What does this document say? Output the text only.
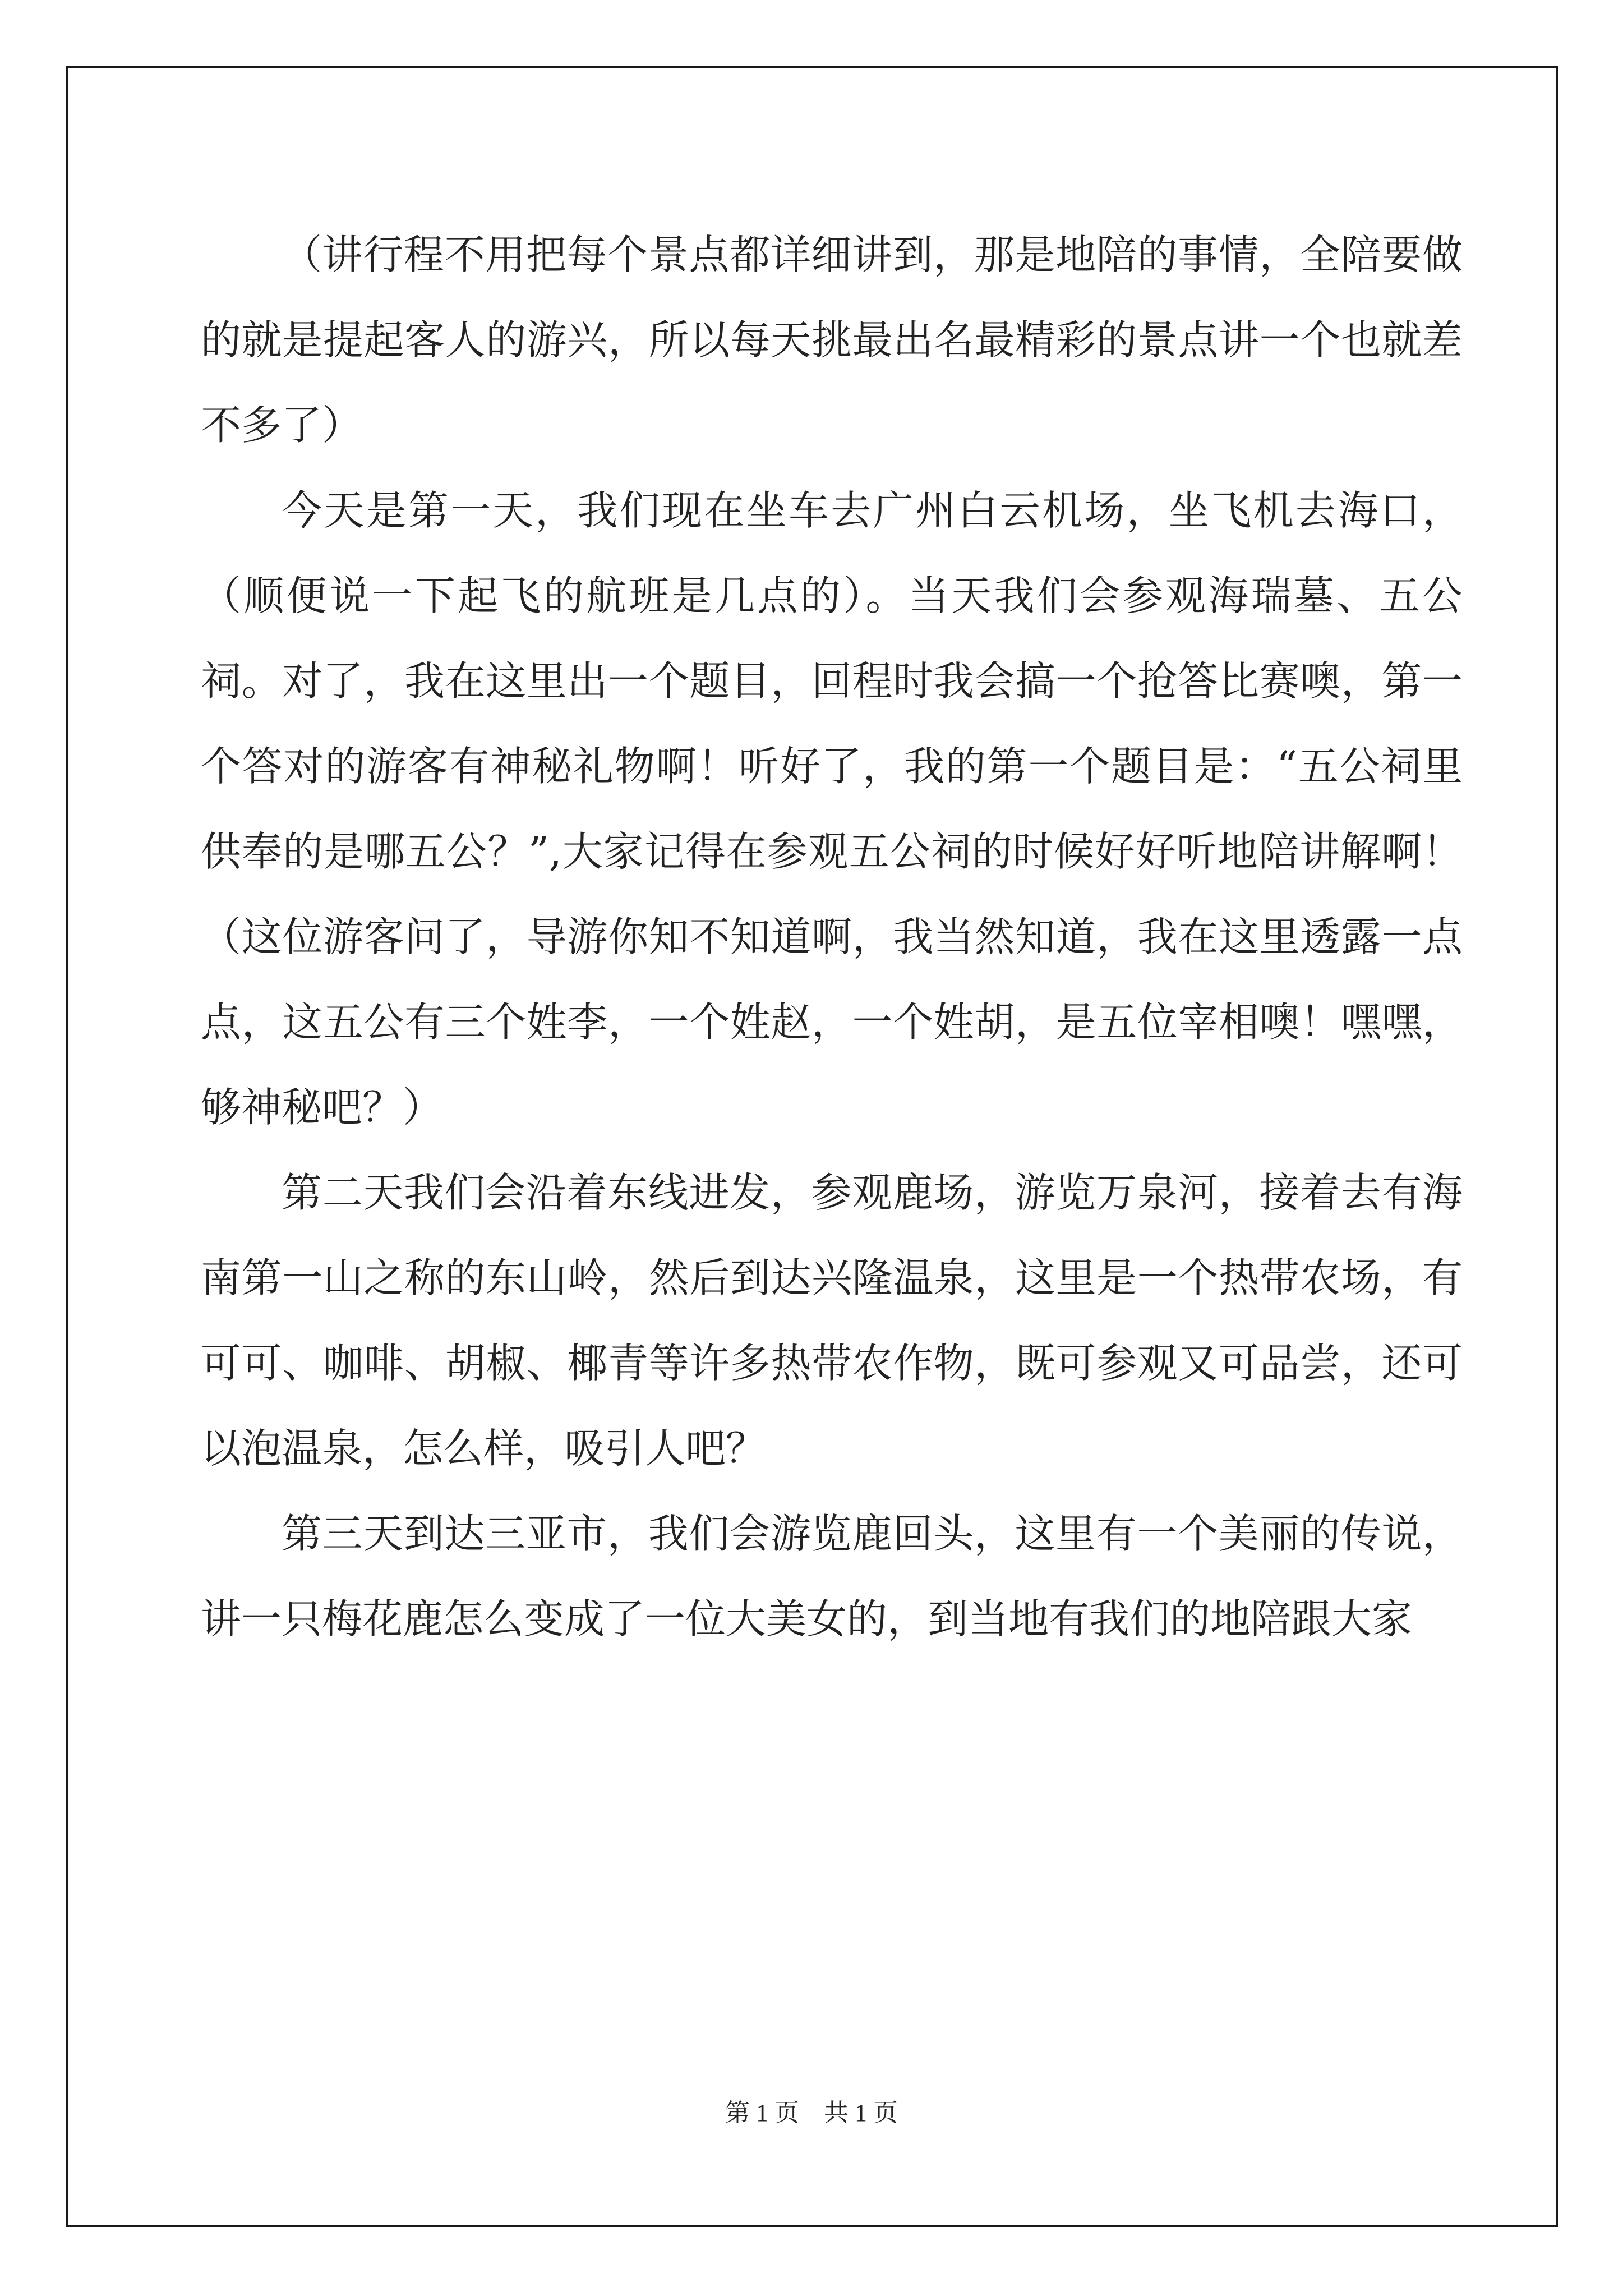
（讲行程不用把每个景点都详细讲到，那是地陪的事情，全陪要做的就是提起客人的游兴，所以每天挑最出名最精彩的景点讲一个也就差不多了）

今天是第一天，我们现在坐车去广州白云机场，坐飞机去海口，（顺便说一下起飞的航班是几点的）。当天我们会参观海瑞墓、五公祠。对了，我在这里出一个题目，回程时我会搞一个抢答比赛噢，第一个答对的游客有神秘礼物啊！听好了，我的第一个题目是：“五公祠里供奉的是哪五公？”,大家记得在参观五公祠的时候好好听地陪讲解啊！（这位游客问了，导游你知不知道啊，我当然知道，我在这里透露一点点，这五公有三个姓李，一个姓赵，一个姓胡，是五位宰相噢！嘿嘿，够神秘吧？）

第二天我们会沿着东线进发，参观鹿场，游览万泉河，接着去有海南第一山之称的东山岭，然后到达兴隆温泉，这里是一个热带农场，有可可、咖啡、胡椒、椰青等许多热带农作物，既可参观又可品尝，还可以泡温泉，怎么样，吸引人吧？

第三天到达三亚市，我们会游览鹿回头，这里有一个美丽的传说，讲一只梅花鹿怎么变成了一位大美女的，到当地有我们的地陪跟大家

第 1 页 共 1 页
